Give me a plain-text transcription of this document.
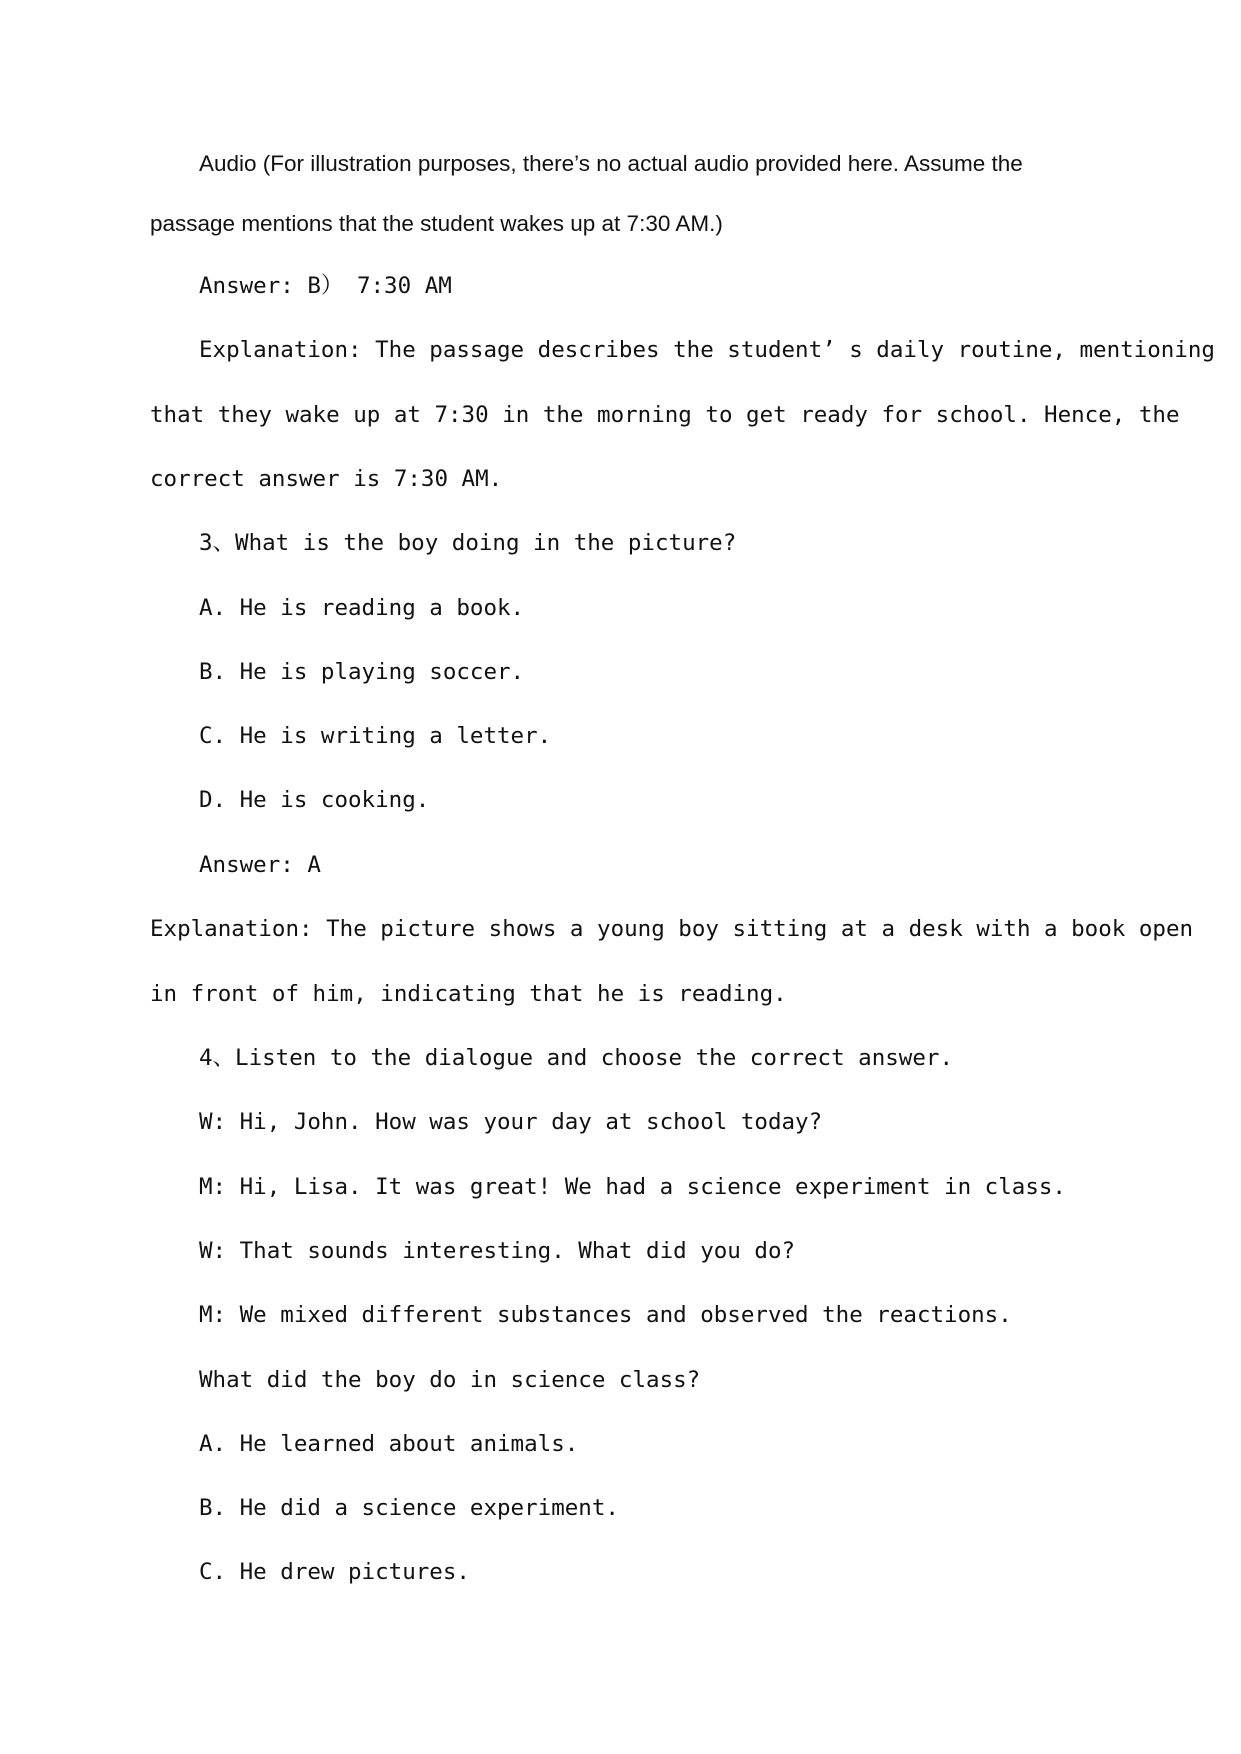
Audio (For illustration purposes, there’s no actual audio provided here. Assume the

passage mentions that the student wakes up at 7:30 AM.)

Answer: B） 7:30 AM

Explanation: The passage describes the student’ s daily routine, mentioning

that they wake up at 7:30 in the morning to get ready for school. Hence, the

correct answer is 7:30 AM.

3、What is the boy doing in the picture?

A. He is reading a book.

B. He is playing soccer.

C. He is writing a letter.

D. He is cooking.

Answer: A

Explanation: The picture shows a young boy sitting at a desk with a book open

in front of him, indicating that he is reading.

4、Listen to the dialogue and choose the correct answer.

W: Hi, John. How was your day at school today?

M: Hi, Lisa. It was great! We had a science experiment in class.

W: That sounds interesting. What did you do?

M: We mixed different substances and observed the reactions.

What did the boy do in science class?

A. He learned about animals.

B. He did a science experiment.

C. He drew pictures.
